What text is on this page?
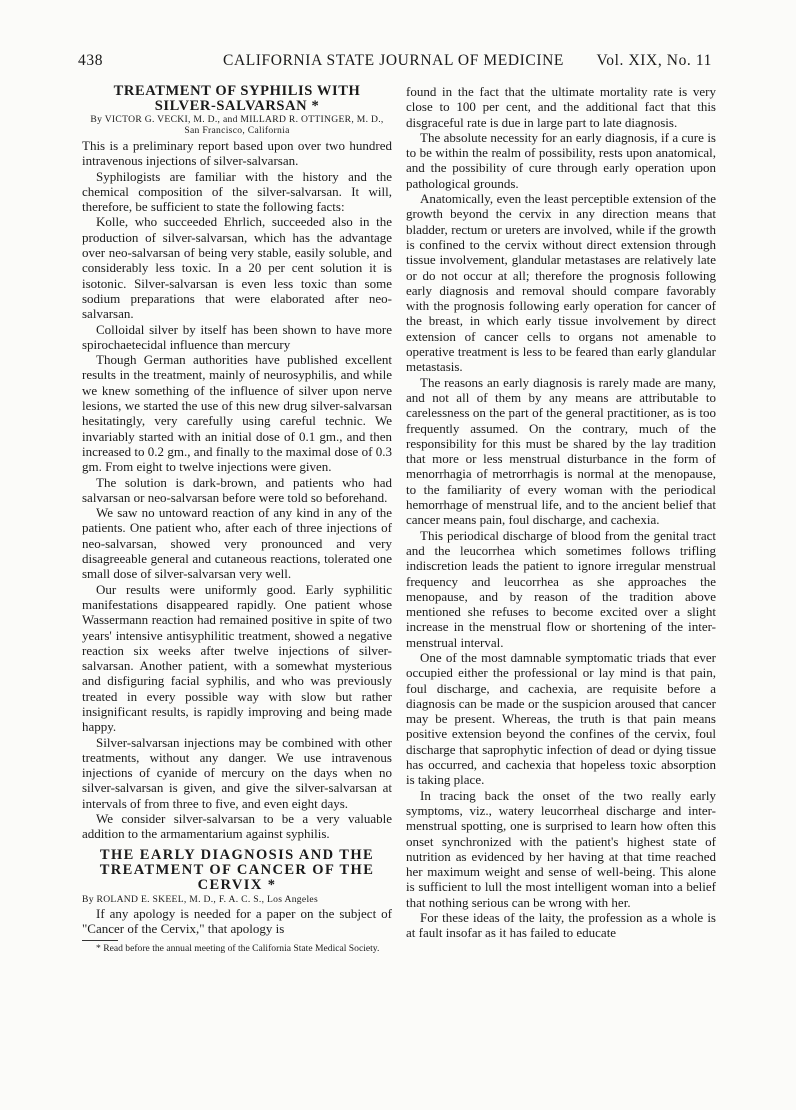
438	CALIFORNIA STATE JOURNAL OF MEDICINE Vol. XIX, No. 11
TREATMENT OF SYPHILIS WITH SILVER-SALVARSAN *
By VICTOR G. VECKI, M. D., and MILLARD R. OTTINGER, M. D., San Francisco, California

This is a preliminary report based upon over two hundred intravenous injections of silver-salvarsan.

Syphilogists are familiar with the history and the chemical composition of the silver-salvarsan. It will, therefore, be sufficient to state the following facts:

Kolle, who succeeded Ehrlich, succeeded also in the production of silver-salvarsan, which has the advantage over neo-salvarsan of being very stable, easily soluble, and considerably less toxic. In a 20 per cent solution it is isotonic. Silver-salvarsan is even less toxic than some sodium preparations that were elaborated after neo-salvarsan.

Colloidal silver by itself has been shown to have more spirochaetecidal influence than mercury

Though German authorities have published excellent results in the treatment, mainly of neurosyphilis, and while we knew something of the influence of silver upon nerve lesions, we started the use of this new drug silver-salvarsan hesitatingly, very carefully using careful technic. We invariably started with an initial dose of 0.1 gm., and then increased to 0.2 gm., and finally to the maximal dose of 0.3 gm. From eight to twelve injections were given.

The solution is dark-brown, and patients who had salvarsan or neo-salvarsan before were told so beforehand.

We saw no untoward reaction of any kind in any of the patients. One patient who, after each of three injections of neo-salvarsan, showed very pronounced and very disagreeable general and cutaneous reactions, tolerated one small dose of silver-salvarsan very well.

Our results were uniformly good. Early syphilitic manifestations disappeared rapidly. One patient whose Wassermann reaction had remained positive in spite of two years' intensive antisyphilitic treatment, showed a negative reaction six weeks after twelve injections of silver-salvarsan. Another patient, with a somewhat mysterious and disfiguring facial syphilis, and who was previously treated in every possible way with slow but rather insignificant results, is rapidly improving and being made happy.

Silver-salvarsan injections may be combined with other treatments, without any danger. We use intravenous injections of cyanide of mercury on the days when no silver-salvarsan is given, and give the silver-salvarsan at intervals of from three to five, and even eight days.

We consider silver-salvarsan to be a very valuable addition to the armamentarium against syphilis.

THE EARLY DIAGNOSIS AND THE TREATMENT OF CANCER OF THE CERVIX *
By ROLAND E. SKEEL, M. D., F. A. C. S., Los Angeles

If any apology is needed for a paper on the subject of "Cancer of the Cervix," that apology is

* Read before the annual meeting of the California State Medical Society.

found in the fact that the ultimate mortality rate is very close to 100 per cent, and the additional fact that this disgraceful rate is due in large part to late diagnosis.

The absolute necessity for an early diagnosis, if a cure is to be within the realm of possibility, rests upon anatomical, and the possibility of cure through early operation upon pathological grounds.

Anatomically, even the least perceptible extension of the growth beyond the cervix in any direction means that bladder, rectum or ureters are involved, while if the growth is confined to the cervix without direct extension through tissue involvement, glandular metastases are relatively late or do not occur at all; therefore the prognosis following early diagnosis and removal should compare favorably with the prognosis following early operation for cancer of the breast, in which early tissue involvement by direct extension of cancer cells to organs not amenable to operative treatment is less to be feared than early glandular metastasis.

The reasons an early diagnosis is rarely made are many, and not all of them by any means are attributable to carelessness on the part of the general practitioner, as is too frequently assumed. On the contrary, much of the responsibility for this must be shared by the lay tradition that more or less menstrual disturbance in the form of menorrhagia of metrorrhagis is normal at the menopause, to the familiarity of every woman with the periodical hemorrhage of menstrual life, and to the ancient belief that cancer means pain, foul discharge, and cachexia.

This periodical discharge of blood from the genital tract and the leucorrhea which sometimes follows trifling indiscretion leads the patient to ignore irregular menstrual frequency and leucorrhea as she approaches the menopause, and by reason of the tradition above mentioned she refuses to become excited over a slight increase in the menstrual flow or shortening of the inter-menstrual interval.

One of the most damnable symptomatic triads that ever occupied either the professional or lay mind is that pain, foul discharge, and cachexia, are requisite before a diagnosis can be made or the suspicion aroused that cancer may be present. Whereas, the truth is that pain means positive extension beyond the confines of the cervix, foul discharge that saprophytic infection of dead or dying tissue has occurred, and cachexia that hopeless toxic absorption is taking place.

In tracing back the onset of the two really early symptoms, viz., watery leucorrheal discharge and inter-menstrual spotting, one is surprised to learn how often this onset synchronized with the patient's highest state of nutrition as evidenced by her having at that time reached her maximum weight and sense of well-being. This alone is sufficient to lull the most intelligent woman into a belief that nothing serious can be wrong with her.

For these ideas of the laity, the profession as a whole is at fault insofar as it has failed to educate
